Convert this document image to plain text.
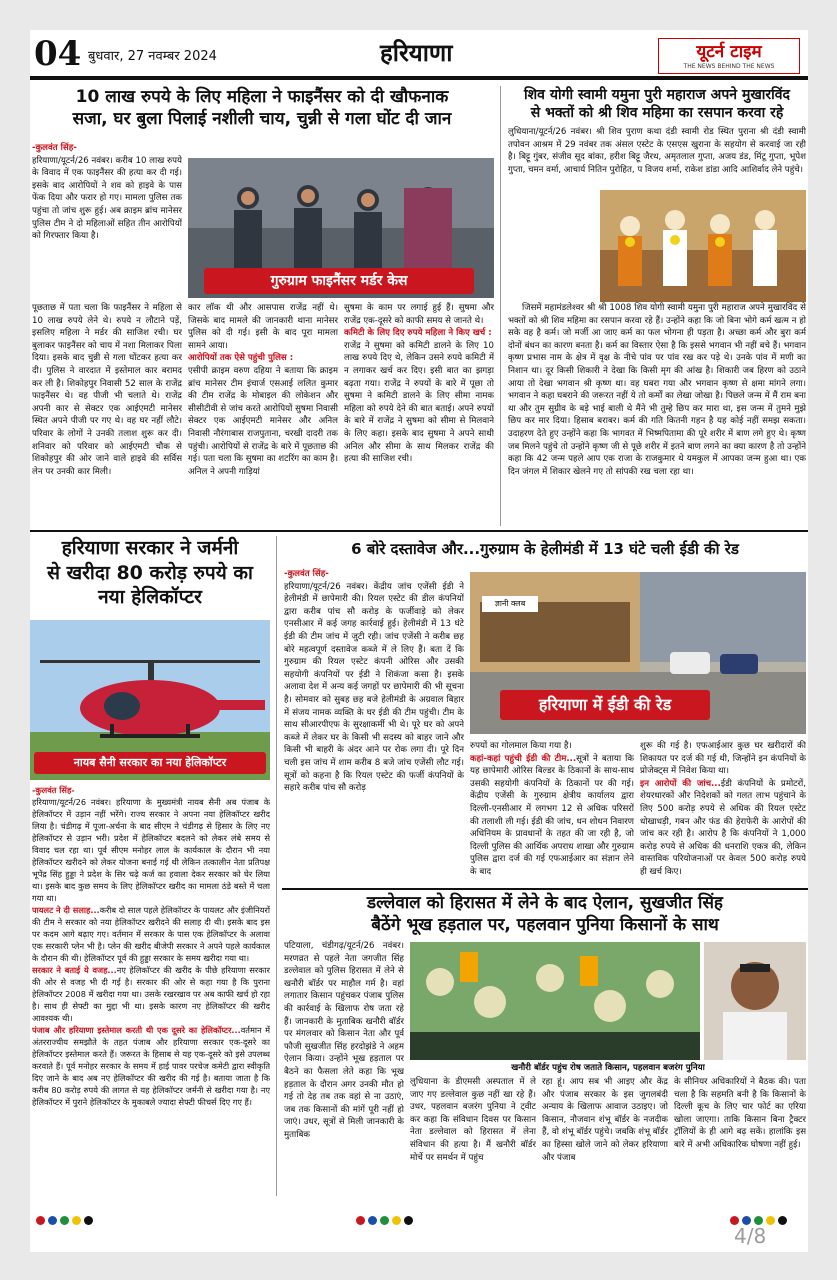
04 बुधवार, 27 नवम्बर 2024	हरियाणा	यूटर्न टाइम
THE NEWS BEHIND THE NEWS
10 लाख रुपये के लिए महिला ने फाइनैंसर को दी खौफनाक
सजा, घर बुला पिलाई नशीली चाय, चुन्नी से गला घोंट दी जान

-कुलवंत सिंह-

हरियाणा/यूटर्न/26 नवंबर। करीब 10 लाख रुपये के विवाद में एक फाइनैंसर की हत्या कर दी गई। इसके बाद आरोपियों ने शव को हाइवे के पास फेंक दिया और फरार हो गए। मामला पुलिस तक पहुंचा तो जांच शुरू हुई। अब क्राइम ब्रांच मानेसर पुलिस टीम ने दो महिलाओं सहित तीन आरोपियों को गिरफ्तार किया है।

गुरुग्राम फाइनैंसर मर्डर केस
पूछताछ में पता चला कि फाइनैंसर ने महिला से 10 लाख रुपये लेने थे। रुपये न लौटाने पड़ें, इसलिए महिला ने मर्डर की साजिश रची। घर बुलाकर फाइनैंसर को चाय में नशा मिलाकर पिला दिया। इसके बाद चुन्नी से गला घोंटकर हत्या कर दी। पुलिस ने वारदात में इस्तेमाल कार बरामद कर ली है। शिकोहपुर निवासी 52 साल के राजेंद्र फाइनैंसर थे। वह पीजी भी चलाते थे। राजेंद्र अपनी कार से सेक्टर एक आईएमटी मानेसर स्थित अपने पीजी पर गए थे। वह घर नहीं लौटे। परिवार के लोगों ने उनकी तलाश शुरू कर दी। शनिवार को परिवार को आईएमटी चौक से शिकोहपुर की ओर जाने वाले हाइवे की सर्विस लेन पर उनकी कार मिली।

कार लॉक थी और आसपास राजेंद्र नहीं थे। जिसके बाद मामले की जानकारी थाना मानेसर पुलिस को दी गई। इसी के बाद पूरा मामला सामने आया।

आरोपियों तक ऐसे पहुंची पुलिस :

एसीपी क्राइम वरुण दहिया ने बताया कि क्राइम ब्रांच मानेसर टीम इंचार्ज एसआई ललित कुमार की टीम राजेंद्र के मोबाइल की लोकेशन और सीसीटीवी से जांच करते आरोपियों सुषमा निवासी सेक्टर एक आईएमटी मानेसर और अनिल निवासी नौरंगाबास राजपुताना, चरखी दादरी तक पहुंची। आरोपियों से राजेंद्र के बारे में पूछताछ की गई। पता चला कि सुषमा का शटरिंग का काम है। अनिल ने अपनी गाड़ियां

सुषमा के काम पर लगाई हुई हैं। सुषमा और राजेंद्र एक-दूसरे को काफी समय से जानते थे।

कमिटी के लिए दिए रुपये महिला ने किए खर्च :

राजेंद्र ने सुषमा को कमिटी डालने के लिए 10 लाख रुपये दिए थे, लेकिन उसने रुपये कमिटी में न लगाकर खर्च कर दिए। इसी बात का झगड़ा बढ़ता गया। राजेंद्र ने रुपयों के बारे में पूछा तो सुषमा ने कमिटी डालने के लिए सीमा नामक महिला को रुपये देने की बात बताई। अपने रुपयों के बारे में राजेंद्र ने सुषमा को सीमा से मिलवाने के लिए कहा। इसके बाद सुषमा ने अपने साथी अनिल और सीमा के साथ मिलकर राजेंद्र की हत्या की साजिश रची।

शिव योगी स्वामी यमुना पुरी महाराज अपने मुखारविंद
से भक्तों को श्री शिव महिमा का रसपान करवा रहे
लुधियाना/यूटर्न/26 नवंबर। श्री शिव पुराण कथा दंडी स्वामी रोड स्थित पुराना श्री दंडी स्वामी तपोवन आश्रम में 29 नवंबर तक अंसल एस्टेट के एसएस खुराना के सहयोग से करवाई जा रही है। बिट्टू गुंबर, संजीव सूद बांका, हरीश बिट्टू जैरथ, अमृतलाल गुप्ता, अजय डंड, मिंटू गुप्ता, भूपेश गुप्ता, चमन वर्मा, आचार्य नितिन पुरोहित, प विजय शर्मा, राकेश डांडा आदि आशिर्वाद लेने पहुंचे।
जिसमें महामंडलेश्वर श्री श्री 1008 शिव योगी स्वामी यमुना पुरी महाराज अपने मुखारविंद से भक्तों को श्री शिव महिमा का रसपान करवा रहे हैं। उन्होंने कहा कि जो बिना भोगे कर्म खत्म न हो सके वह है कर्म। जो मर्जी आ जाए कर्म का फल भोगना ही पड़ता है। अच्छा कर्म और बुरा कर्म दोनों बंधन का कारण बनता है। कर्म का विस्तार ऐसा है कि इससे भगवान भी नहीं बचे हैं। भगवान कृष्ण प्रभास नाम के क्षेत्र में वृक्ष के नीचे पांव पर पांव रख कर पड़े थे। उनके पांव में मणी का निशान था। दूर किसी शिकारी ने देखा कि किसी मृग की आंख है। शिकारी जब हिरण को उठाने आया तो देखा भगवान श्री कृष्ण था। वह घबरा गया और भगवान कृष्ण से क्षमा मांगने लगा। भगवान ने कहा घबराने की जरूरत नहीं ये तो कर्मों का लेखा जोखा है। पिछले जन्म में मैं राम बना था और तुम सुग्रीव के बड़े भाई बाली थे मैंने भी तुम्हे छिप कर मारा था, इस जन्म में तुमने मुझे छिप कर मार दिया। हिसाब बराबर। कर्म की गति कितनी गहन है यह कोई नहीं समझ सकता। उदाहरण देते हुए उन्होंने कहा कि भागवत में भिष्मपितामा की पूरे शरीर में बाण लगे हुए थे। कृष्ण जब मिलने पहुंचे तो उन्होंने कृष्ण जी से पूछे शरीर में इतने बाण लगने का क्या कारण है तो उन्होंने कहा कि 42 जन्म पहले आप एक राजा के राजकुमार थे यमकुल में आपका जन्म हुआ था। एक दिन जंगल में शिकार खेलने गए तो सांपकी रख चला रहा था।
हरियाणा सरकार ने जर्मनी
से खरीदा 80 करोड़ रुपये का
नया हेलिकॉप्टर
नायब सैनी सरकार का नया हेलिकॉप्टर

-कुलवंत सिंह-

हरियाणा/यूटर्न/26 नवंबर। हरियाणा के मुख्यमंत्री नायब सैनी अब पंजाब के हेलिकॉप्टर में उड़ान नहीं भरेंगे। राज्य सरकार ने अपना नया हेलिकॉप्टर खरीद लिया है। चंडीगढ़ में पूजा-अर्चना के बाद सीएम ने चंडीगढ़ से हिसार के लिए नए हेलिकॉप्टर से उड़ान भरी। प्रदेश में हेलिकॉप्टर बदलने को लेकर लंबे समय से विवाद चल रहा था। पूर्व सीएम मनोहर लाल के कार्यकाल के दौरान भी नया हेलिकॉप्टर खरीदने को लेकर योजना बनाई गई थी लेकिन तत्कालीन नेता प्रतिपक्ष भूपेंद्र सिंह हुड्डा ने प्रदेश के सिर चढ़े कर्ज का हवाला देकर सरकार को घेर लिया था। इसके बाद कुछ समय के लिए हेलिकॉप्टर खरीद का मामला ठंडे बस्ते में चला गया था।

पायलट ने दी सलाह...करीब दो साल पहले हेलिकॉप्टर के पायलट और इंजीनियरों की टीम ने सरकार को नया हेलिकॉप्टर खरीदने की सलाह दी थी। इसके बाद इस पर कदम आगे बढ़ाए गए। वर्तमान में सरकार के पास एक हेलिकॉप्टर के अलावा एक सरकारी प्लेन भी है। प्लेन की खरीद बीजेपी सरकार ने अपने पहले कार्यकाल के दौरान की थी। हेलिकॉप्टर पूर्व की हुड्डा सरकार के समय खरीदा गया था।

सरकार ने बताई ये वजह...नए हेलिकॉप्टर की खरीद के पीछे हरियाणा सरकार की ओर से वजह भी दी गई है। सरकार की ओर से कहा गया है कि पुराना हेलिकॉप्टर 2008 में खरीदा गया था। उसके रखरखाव पर अब काफी खर्च हो रहा है। साथ ही सेफ्टी का मुद्दा भी था। इसके कारण नए हेलिकॉप्टर की खरीद आवश्यक थी।

पंजाब और हरियाणा इस्तेमाल करती थी एक दूसरे का हेलिकॉप्टर...वर्तमान में अंतरराज्यीय समझौते के तहत पंजाब और हरियाणा सरकार एक-दूसरे का हेलिकॉप्टर इस्तेमाल करते हैं। जरूरत के हिसाब से यह एक-दूसरे को इसे उपलब्ध करवाते हैं। पूर्व मनोहर सरकार के समय में हाई पावर परचेज कमेटी द्वारा स्वीकृति दिए जाने के बाद अब नए हेलिकॉप्टर की खरीद की गई है। बताया जाता है कि करीब 80 करोड़ रुपये की लागत से यह हेलिकॉप्टर जर्मनी से खरीदा गया है। नए हेलिकॉप्टर में पुराने हेलिकॉप्टर के मुकाबले ज्यादा सेफ्टी फीचर्स दिए गए हैं।

6 बोरे दस्तावेज और...गुरुग्राम के हेलीमंडी में 13 घंटे चली ईडी की रेड

-कुलवंत सिंह-

हरियाणा/यूटर्न/26 नवंबर। केंद्रीय जांच एजेंसी ईडी ने हेलीमंडी में छापेमारी की। रियल एस्टेट की डील कंपनियों द्वारा करीब पांच सौ करोड़ के फर्जीवाड़े को लेकर एनसीआर में कई जगह कार्रवाई हुई। हेलीमंडी में 13 घंटे ईडी की टीम जांच में जुटी रही। जांच एजेंसी ने करीब छह बोरे महत्वपूर्ण दस्तावेज कब्जे में ले लिए हैं। बता दें कि गुरुग्राम की रियल एस्टेट कंपनी ओरिस और उसकी सहयोगी कंपनियों पर ईडी ने शिकंजा कसा है। इसके अलावा देश में अन्य कई जगहों पर छापेमारी की भी सूचना है। सोमवार को सुबह छह बजे हेलीमंडी के अग्रवाल बिहार में संजय नामक व्यक्ति के घर ईडी की टीम पहुंची। टीम के साथ सीआरपीएफ के सुरक्षाकर्मी भी थे। पूरे घर को अपने कब्जे में लेकर घर के किसी भी सदस्य को बाहर जाने और किसी भी बाहरी के अंदर आने पर रोक लगा दी। पूरे दिन चली इस जांच में शाम करीब 8 बजे जांच एजेंसी लौट गई। सूत्रों को कहना है कि रियल एस्टेट की फर्जी कंपनियों के सहारे करीब पांच सौ करोड़

ज्ञानी क्लब
हरियाणा में ईडी की रेड

रुपयों का गोलमाल किया गया है।

कहां-कहां पहुंची ईडी की टीम...सूत्रों ने बताया कि यह छापेमारी ओरिस बिल्डर के ठिकानों के साथ-साथ उसकी सहयोगी कंपनियों के ठिकानों पर की गई। केंद्रीय एजेंसी के गुरुग्राम क्षेत्रीय कार्यालय द्वारा दिल्ली-एनसीआर में लगभग 12 से अधिक परिसरों की तलाशी ली गई। ईडी की जांच, धन शोधन निवारण अधिनियम के प्रावधानों के तहत की जा रही है, जो दिल्ली पुलिस की आर्थिक अपराध शाखा और गुरुग्राम पुलिस द्वारा दर्ज की गई एफआईआर का संज्ञान लेने के बाद

शुरू की गई है। एफआईआर कुछ घर खरीदारों की शिकायत पर दर्ज की गई थी, जिन्होंने इन कंपनियों के प्रोजेक्ट्स में निवेश किया था।

इन आरोपों की जांच...ईडी कंपनियों के प्रमोटरों, शेयरधारकों और निदेशकों को गलत लाभ पहुंचाने के लिए 500 करोड़ रुपये से अधिक की रियल एस्टेट धोखाधड़ी, गबन और फंड की हेराफेरी के आरोपों की जांच कर रही है। आरोप है कि कंपनियों ने 1,000 करोड़ रुपये से अधिक की धनराशि एकत्र की, लेकिन वास्तविक परियोजनाओं पर केवल 500 करोड़ रुपये ही खर्च किए।

डल्लेवाल को हिरासत में लेने के बाद ऐलान, सुखजीत सिंह
बैठेंगे भूख हड़ताल पर, पहलवान पुनिया किसानों के साथ
पटियाला, चंडीगढ़/यूटर्न/26 नवंबर। मरणव्रत से पहले नेता जगजीत सिंह डल्लेवाल को पुलिस हिरासत में लेने से खनौरी बॉर्डर पर माहौल गर्म है। वहां लगातार किसान पहुंचकर पंजाब पुलिस की कार्रवाई के खिलाफ रोष जता रहे हैं। जानकारी के मुताबिक खनौरी बॉर्डर पर मंगलवार को किसान नेता और पूर्व फौजी सुखजीत सिंह हरदोझंडे ने अहम ऐलान किया। उन्होंने भूख हड़ताल पर बैठने का फैसला लेते कहा कि भूख हड़ताल के दौरान अगर उनकी मौत हो गई तो देह तब तक वहां से ना उठाएं, जब तक किसानों की मांगें पूरी नहीं हो जाएं। उधर, सूत्रों से मिली जानकारी के मुताबिक
खनौरी बॉर्डर पहुंच रोष जताते किसान, पहलवान बजरंग पुनिया
लुधियाना के डीएमसी अस्पताल में ले जाए गए डल्लेवाल कुछ नहीं खा रहे हैं। उधर, पहलवान बजरंग पुनिया ने ट्वीट कर कहा कि संविधान दिवस पर किसान नेता डल्लेवाल को हिरासत में लेना संविधान की हत्या है। मैं खनौरी बॉर्डर मोर्चे पर समर्थन में पहुंच
रहा हूं। आप सब भी आइए और केंद्र और पंजाब सरकार के इस जुगलबंदी अन्याय के खिलाफ आवाज उठाइए। जो किसान, नौजवान शंभू बॉर्डर के नजदीक हैं, वो शंभू बॉर्डर पहुंचे। जबकि शंभू बॉर्डर का हिस्सा खोले जाने को लेकर हरियाणा और पंजाब
के सीनियर अधिकारियों ने बैठक की। पता चला है कि सहमति बनी है कि किसानों के दिल्ली कूच के लिए चार फोर्ट का एरिया खोला जाएगा। ताकि किसान बिना ट्रैक्टर ट्रॉलियों के ही आगे बढ़ सकें। हालांकि इस बारे में अभी अधिकारिक घोषणा नहीं हुई।
4/8
